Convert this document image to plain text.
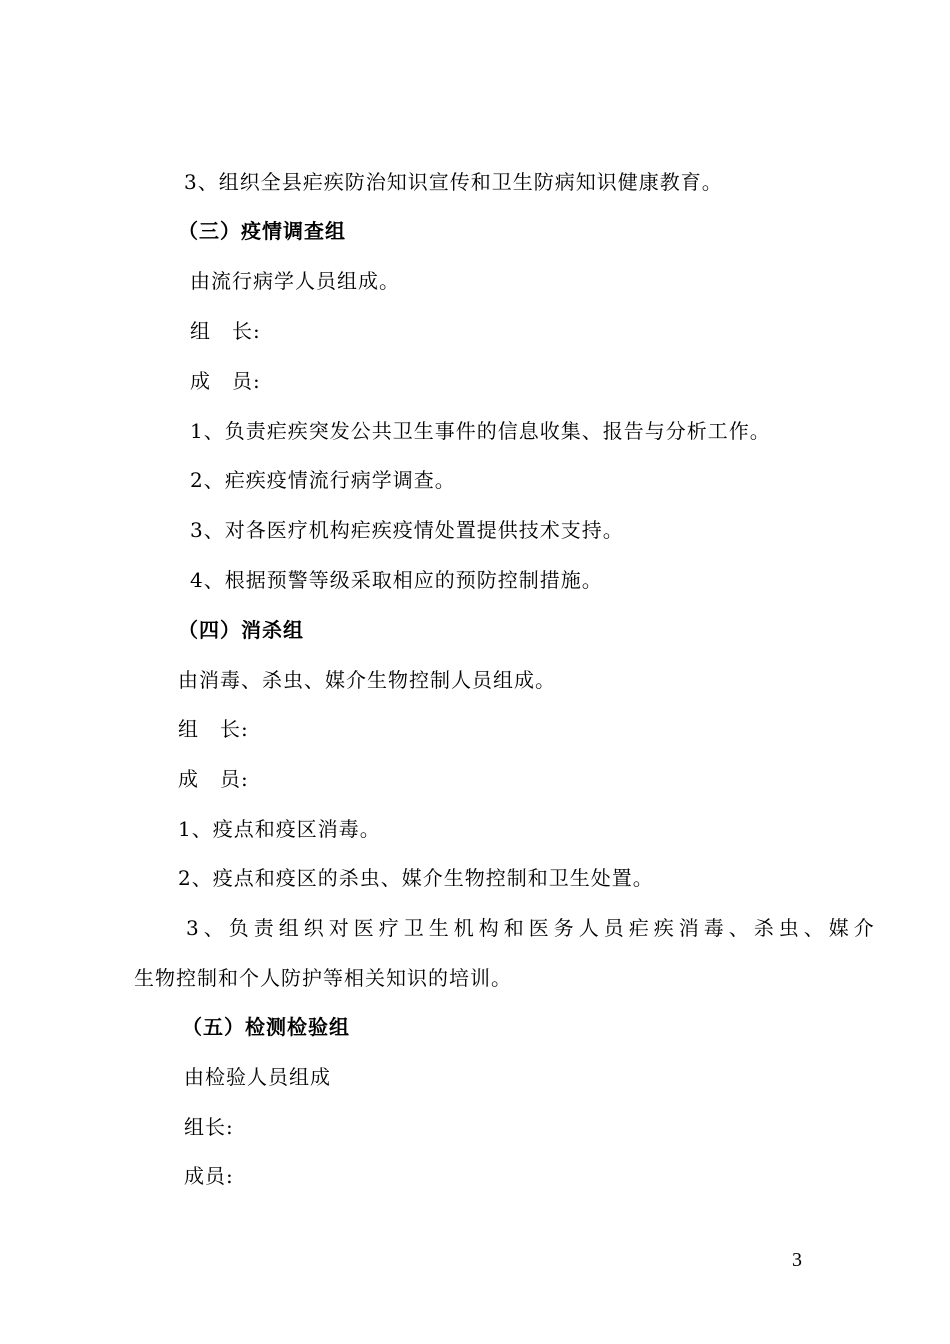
3、组织全县疟疾防治知识宣传和卫生防病知识健康教育。
（三）疫情调查组
由流行病学人员组成。
组　长:
成　员:
1、负责疟疾突发公共卫生事件的信息收集、报告与分析工作。
2、疟疾疫情流行病学调查。
3、对各医疗机构疟疾疫情处置提供技术支持。
4、根据预警等级采取相应的预防控制措施。
（四）消杀组
由消毒、杀虫、媒介生物控制人员组成。
组　长:
成　员:
1、疫点和疫区消毒。
2、疫点和疫区的杀虫、媒介生物控制和卫生处置。
3、负责组织对医疗卫生机构和医务人员疟疾消毒、杀虫、媒介
生物控制和个人防护等相关知识的培训。
（五）检测检验组
由检验人员组成
组长:
成员:
3
